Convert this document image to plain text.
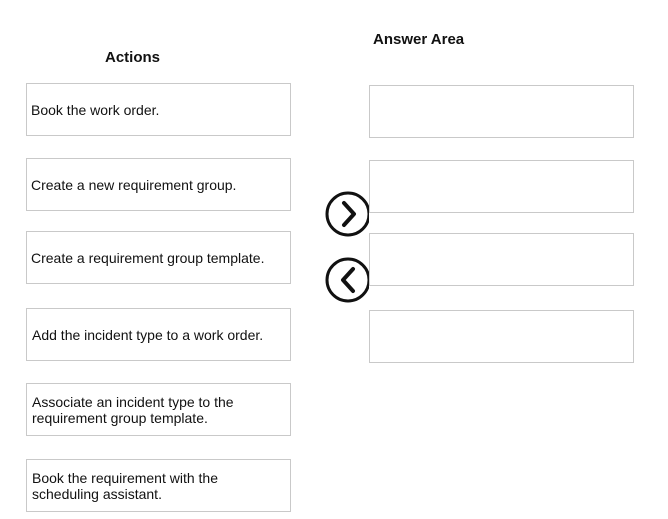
Actions
Answer Area
Book the work order.
Create a new requirement group.
Create a requirement group template.
Add the incident type to a work order.
Associate an incident type to the requirement group template.
Book the requirement with the scheduling assistant.
